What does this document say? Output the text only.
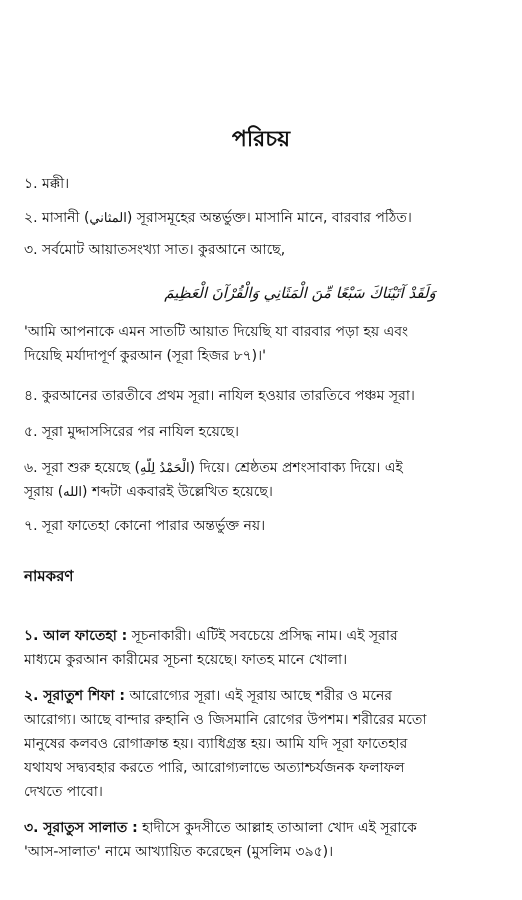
পরিচয়
১. মক্কী।
২. মাসানী (المثاني) সূরাসমূহের অন্তর্ভুক্ত। মাসানি মানে, বারবার পঠিত।
৩. সর্বমোট আয়াতসংখ্যা সাত। কুরআনে আছে,
وَلَقَدْ آتَيْنَاكَ سَبْعًا مِّنَ الْمَثَانِي وَالْقُرْآنَ الْعَظِيمَ
'আমি আপনাকে এমন সাতটি আয়াত দিয়েছি যা বারবার পড়া হয় এবং
দিয়েছি মর্যাদাপূর্ণ কুরআন (সূরা হিজর ৮৭)।'
৪. কুরআনের তারতীবে প্রথম সূরা। নাযিল হওয়ার তারতিবে পঞ্চম সূরা।
৫. সূরা মুদ্দাসসিরের পর নাযিল হয়েছে।
৬. সূরা শুরু হয়েছে (الْحَمْدُ لِلَّهِ) দিয়ে। শ্রেষ্ঠতম প্রশংসাবাক্য দিয়ে। এই
সূরায় (الله) শব্দটা একবারই উল্লেখিত হয়েছে।
৭. সূরা ফাতেহা কোনো পারার অন্তর্ভুক্ত নয়।
নামকরণ
১. আল ফাতেহা : সূচনাকারী। এটিই সবচেয়ে প্রসিদ্ধ নাম। এই সূরার
মাধ্যমে কুরআন কারীমের সূচনা হয়েছে। ফাতহ মানে খোলা।
২. সূরাতুশ শিফা : আরোগ্যের সূরা। এই সূরায় আছে শরীর ও মনের
আরোগ্য। আছে বান্দার রুহানি ও জিসমানি রোগের উপশম। শরীরের মতো
মানুষের কলবও রোগাক্রান্ত হয়। ব্যাধিগ্রস্ত হয়। আমি যদি সূরা ফাতেহার
যথাযথ সদ্ব্যবহার করতে পারি, আরোগ্যলাভে অত্যাশ্চর্যজনক ফলাফল
দেখতে পাবো।
৩. সূরাতুস সালাত : হাদীসে কুদসীতে আল্লাহ তাআলা খোদ এই সূরাকে
'আস-সালাত' নামে আখ্যায়িত করেছেন (মুসলিম ৩৯৫)।
